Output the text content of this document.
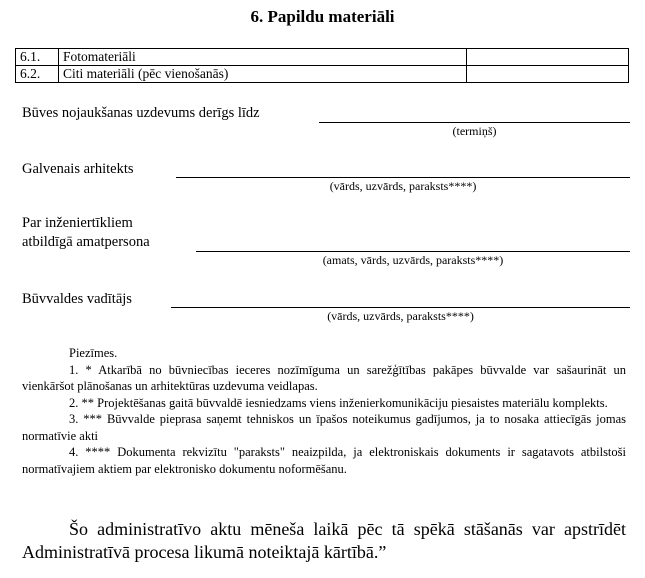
6. Papildu materiāli
6.1.	Fotomateriāli	
6.2.	Citi materiāli (pēc vienošanās)	
Būves nojaukšanas uzdevums derīgs līdz
(termiņš)
Galvenais arhitekts
(vārds, uzvārds, paraksts****)
Par inženiertīkliem
atbildīgā amatpersona
(amats, vārds, uzvārds, paraksts****)
Būvvaldes vadītājs
(vārds, uzvārds, paraksts****)

Piezīmes.

1. * Atkarībā no būvniecības ieceres nozīmīguma un sarežģītības pakāpes būvvalde var sašaurināt un vienkāršot plānošanas un arhitektūras uzdevuma veidlapas.

2. ** Projektēšanas gaitā būvvaldē iesniedzams viens inženierkomunikāciju piesaistes materiālu komplekts.

3. *** Būvvalde pieprasa saņemt tehniskos un īpašos noteikumus gadījumos, ja to nosaka attiecīgās jomas normatīvie akti

4. **** Dokumenta rekvizītu "paraksts" neaizpilda, ja elektroniskais dokuments ir sagatavots atbilstoši normatīvajiem aktiem par elektronisko dokumentu noformēšanu.

Šo administratīvo aktu mēneša laikā pēc tā spēkā stāšanās var apstrīdēt Administratīvā procesa likumā noteiktajā kārtībā.”
